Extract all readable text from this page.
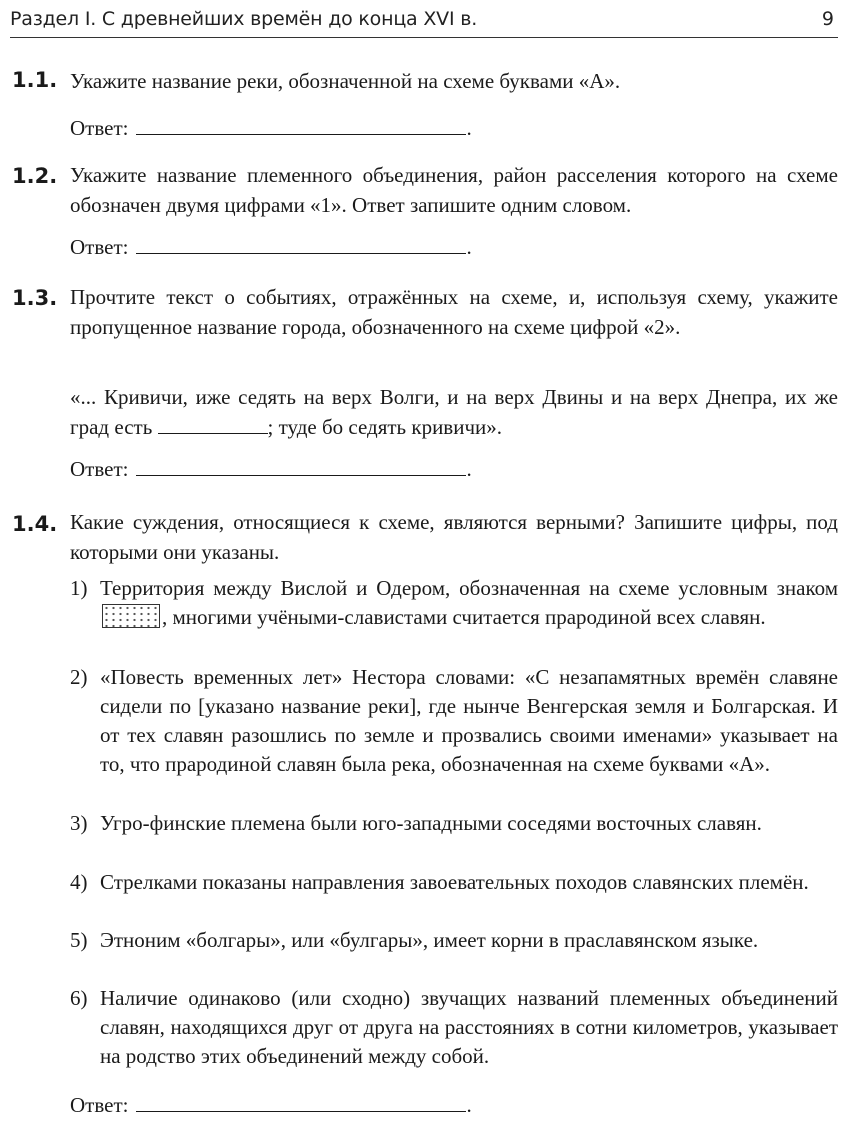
Раздел I. С древнейших времён до конца XVI в.	9
1.1. Укажите название реки, обозначенной на схеме буквами «А».
Ответ:	.
1.2. Укажите название племенного объединения, район расселения которого на схеме обозначен двумя цифрами «1». Ответ запишите одним словом.
Ответ:	.
1.3. Прочтите текст о событиях, отражённых на схеме, и, используя схему, укажите пропущенное название города, обозначенного на схеме цифрой «2».
«... Кривичи, иже седять на верх Волги, и на верх Двины и на верх Днепра, их же град есть	; туде бо седять кривичи».
Ответ:	.
1.4. Какие суждения, относящиеся к схеме, являются верными? Запишите цифры, под которыми они указаны.
1) Территория между Вислой и Одером, обозначенная на схеме условным знаком , многими учёными-славистами считается прародиной всех славян.
2) «Повесть временных лет» Нестора словами: «С незапамятных времён славяне сидели по [указано название реки], где нынче Венгерская земля и Болгарская. И от тех славян разошлись по земле и прозвались своими именами» указывает на то, что прародиной славян была река, обозначенная на схеме буквами «А».
3) Угро-финские племена были юго-западными соседями восточных славян.
4) Стрелками показаны направления завоевательных походов славянских племён.
5) Этноним «болгары», или «булгары», имеет корни в праславянском языке.
6) Наличие одинаково (или сходно) звучащих названий племенных объединений славян, находящихся друг от друга на расстояниях в сотни километров, указывает на родство этих объединений между собой.
Ответ:	.
